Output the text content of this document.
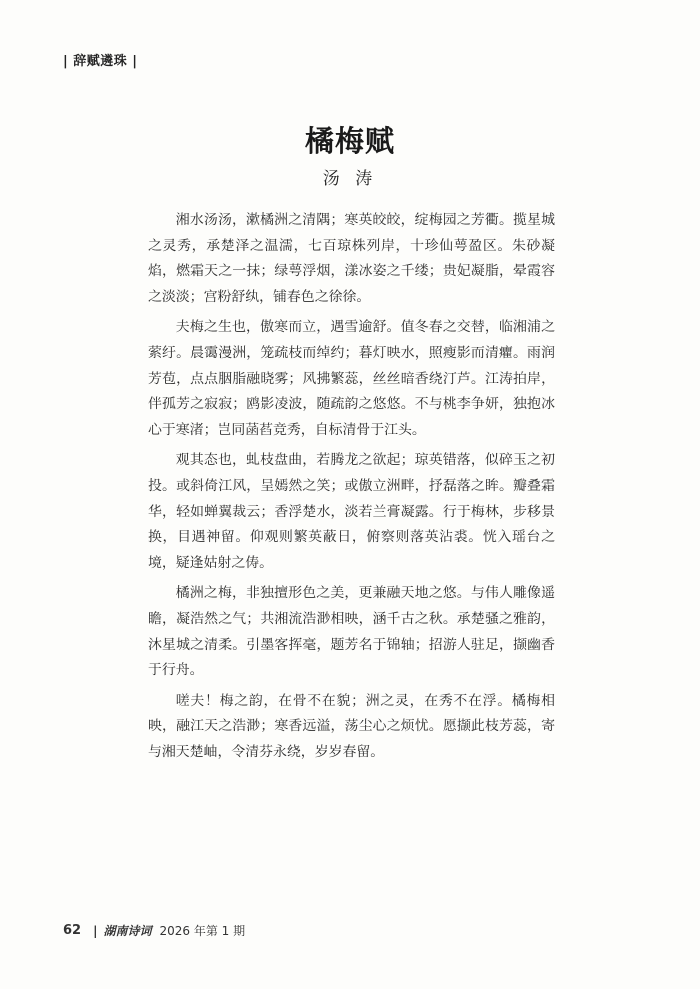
| 辞赋遴珠 |
橘梅赋
汤 涛

湘水汤汤，漱橘洲之清隅；寒英皎皎，绽梅园之芳衢。揽星城之灵秀，承楚泽之温濡，七百琼株列岸，十珍仙萼盈区。朱砂凝焰，燃霜天之一抹；绿萼浮烟，漾冰姿之千缕；贵妃凝脂，晕霞容之淡淡；宫粉舒纨，铺春色之徐徐。

夫梅之生也，傲寒而立，遇雪逾舒。值冬春之交替，临湘浦之萦纡。晨霭漫洲，笼疏枝而绰约；暮灯映水，照瘦影而清癯。雨润芳苞，点点胭脂融晓雾；风拂繁蕊，丝丝暗香绕汀芦。江涛拍岸，伴孤芳之寂寂；鸥影凌波，随疏韵之悠悠。不与桃李争妍，独抱冰心于寒渚；岂同菡萏竞秀，自标清骨于江头。

观其态也，虬枝盘曲，若腾龙之欲起；琼英错落，似碎玉之初投。或斜倚江风，呈嫣然之笑；或傲立洲畔，抒磊落之眸。瓣叠霜华，轻如蝉翼裁云；香浮楚水，淡若兰膏凝露。行于梅林，步移景换，目遇神留。仰观则繁英蔽日，俯察则落英沾裘。恍入瑶台之境，疑逢姑射之俦。

橘洲之梅，非独擅形色之美，更兼融天地之悠。与伟人雕像遥瞻，凝浩然之气；共湘流浩渺相映，涵千古之秋。承楚骚之雅韵，沐星城之清柔。引墨客挥毫，题芳名于锦轴；招游人驻足，撷幽香于行舟。

嗟夫！梅之韵，在骨不在貌；洲之灵，在秀不在浮。橘梅相映，融江天之浩渺；寒香远溢，荡尘心之烦忧。愿撷此枝芳蕊，寄与湘天楚岫，令清芬永绕，岁岁春留。

62 | 湖南诗词 2026 年第 1 期
